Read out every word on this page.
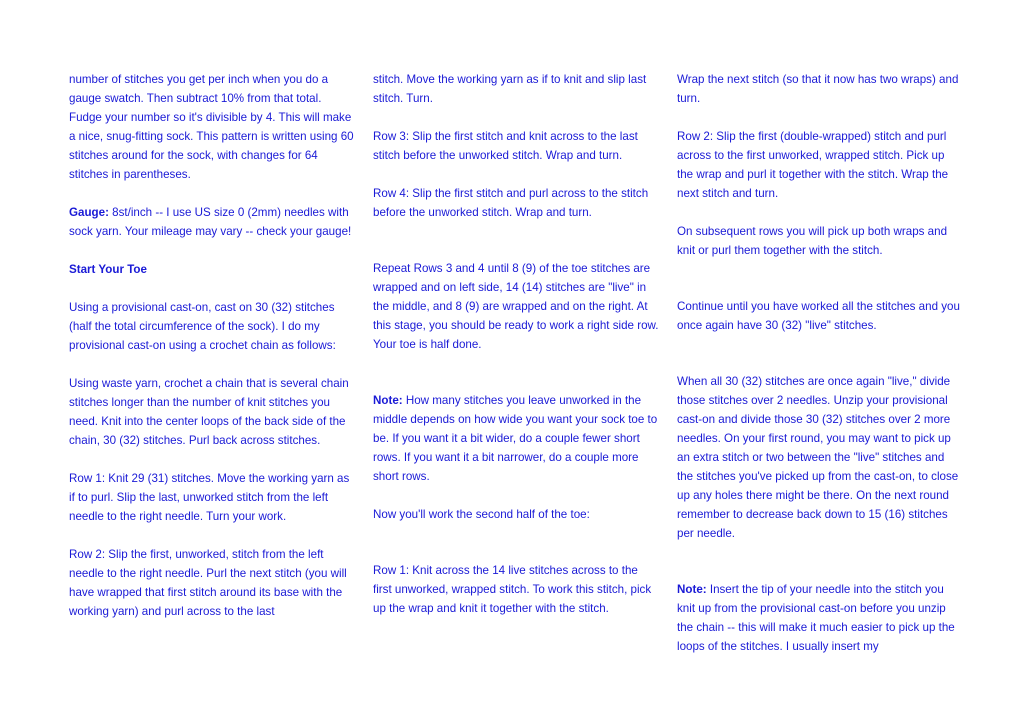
number of stitches you get per inch when you do a gauge swatch. Then subtract 10% from that total. Fudge your number so it's divisible by 4. This will make a nice, snug-fitting sock. This pattern is written using 60 stitches around for the sock, with changes for 64 stitches in parentheses.

Gauge: 8st/inch -- I use US size 0 (2mm) needles with sock yarn. Your mileage may vary -- check your gauge!

Start Your Toe

Using a provisional cast-on, cast on 30 (32) stitches (half the total circumference of the sock). I do my provisional cast-on using a crochet chain as follows:

Using waste yarn, crochet a chain that is several chain stitches longer than the number of knit stitches you need. Knit into the center loops of the back side of the chain, 30 (32) stitches. Purl back across stitches.

Row 1: Knit 29 (31) stitches. Move the working yarn as if to purl. Slip the last, unworked stitch from the left needle to the right needle. Turn your work.

Row 2: Slip the first, unworked, stitch from the left needle to the right needle. Purl the next stitch (you will have wrapped that first stitch around its base with the working yarn) and purl across to the last

stitch. Move the working yarn as if to knit and slip last stitch. Turn.

Row 3: Slip the first stitch and knit across to the last stitch before the unworked stitch. Wrap and turn.

Row 4: Slip the first stitch and purl across to the stitch before the unworked stitch. Wrap and turn.

Repeat Rows 3 and 4 until 8 (9) of the toe stitches are wrapped and on left side, 14 (14) stitches are "live" in the middle, and 8 (9) are wrapped and on the right. At this stage, you should be ready to work a right side row. Your toe is half done.

Note: How many stitches you leave unworked in the middle depends on how wide you want your sock toe to be. If you want it a bit wider, do a couple fewer short rows. If you want it a bit narrower, do a couple more short rows.

Now you'll work the second half of the toe:

Row 1: Knit across the 14 live stitches across to the first unworked, wrapped stitch. To work this stitch, pick up the wrap and knit it together with the stitch.

Wrap the next stitch (so that it now has two wraps) and turn.

Row 2: Slip the first (double-wrapped) stitch and purl across to the first unworked, wrapped stitch. Pick up the wrap and purl it together with the stitch. Wrap the next stitch and turn.

On subsequent rows you will pick up both wraps and knit or purl them together with the stitch.

Continue until you have worked all the stitches and you once again have 30 (32) "live" stitches.

When all 30 (32) stitches are once again "live," divide those stitches over 2 needles. Unzip your provisional cast-on and divide those 30 (32) stitches over 2 more needles. On your first round, you may want to pick up an extra stitch or two between the "live" stitches and the stitches you've picked up from the cast-on, to close up any holes there might be there. On the next round remember to decrease back down to 15 (16) stitches per needle.

Note: Insert the tip of your needle into the stitch you knit up from the provisional cast-on before you unzip the chain -- this will make it much easier to pick up the loops of the stitches. I usually insert my
